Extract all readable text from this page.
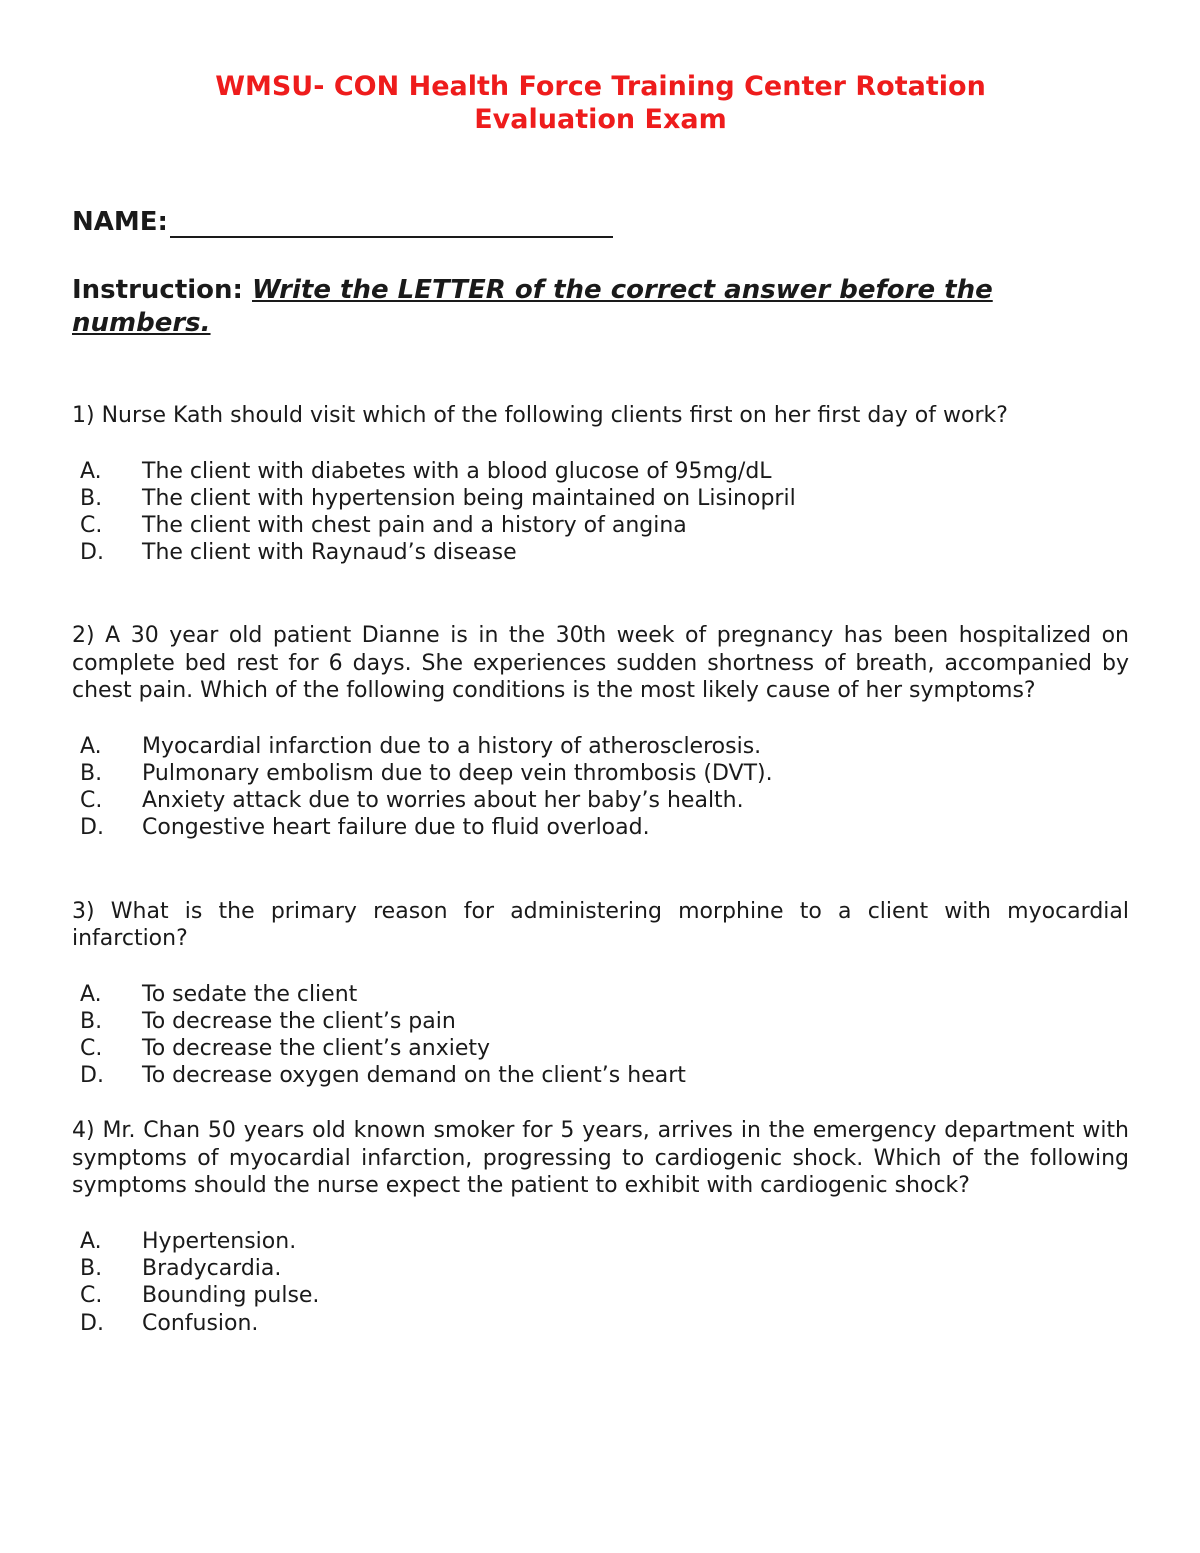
WMSU- CON Health Force Training Center Rotation
Evaluation Exam
NAME:
Instruction: Write the LETTER of the correct answer before the numbers.

1) Nurse Kath should visit which of the following clients first on her first day of work?

A.	The client with diabetes with a blood glucose of 95mg/dL
B.	The client with hypertension being maintained on Lisinopril
C.	The client with chest pain and a history of angina
D.	The client with Raynaud’s disease

2) A 30 year old patient Dianne is in the 30th week of pregnancy has been hospitalized on complete bed rest for 6 days. She experiences sudden shortness of breath, accompanied by chest pain. Which of the following conditions is the most likely cause of her symptoms?

A.	Myocardial infarction due to a history of atherosclerosis.
B.	Pulmonary embolism due to deep vein thrombosis (DVT).
C.	Anxiety attack due to worries about her baby’s health.
D.	Congestive heart failure due to fluid overload.

3) What is the primary reason for administering morphine to a client with myocardial infarction?

A.	To sedate the client
B.	To decrease the client’s pain
C.	To decrease the client’s anxiety
D.	To decrease oxygen demand on the client’s heart

4) Mr. Chan 50 years old known smoker for 5 years, arrives in the emergency department with symptoms of myocardial infarction, progressing to cardiogenic shock. Which of the following symptoms should the nurse expect the patient to exhibit with cardiogenic shock?

A.	Hypertension.
B.	Bradycardia.
C.	Bounding pulse.
D.	Confusion.
